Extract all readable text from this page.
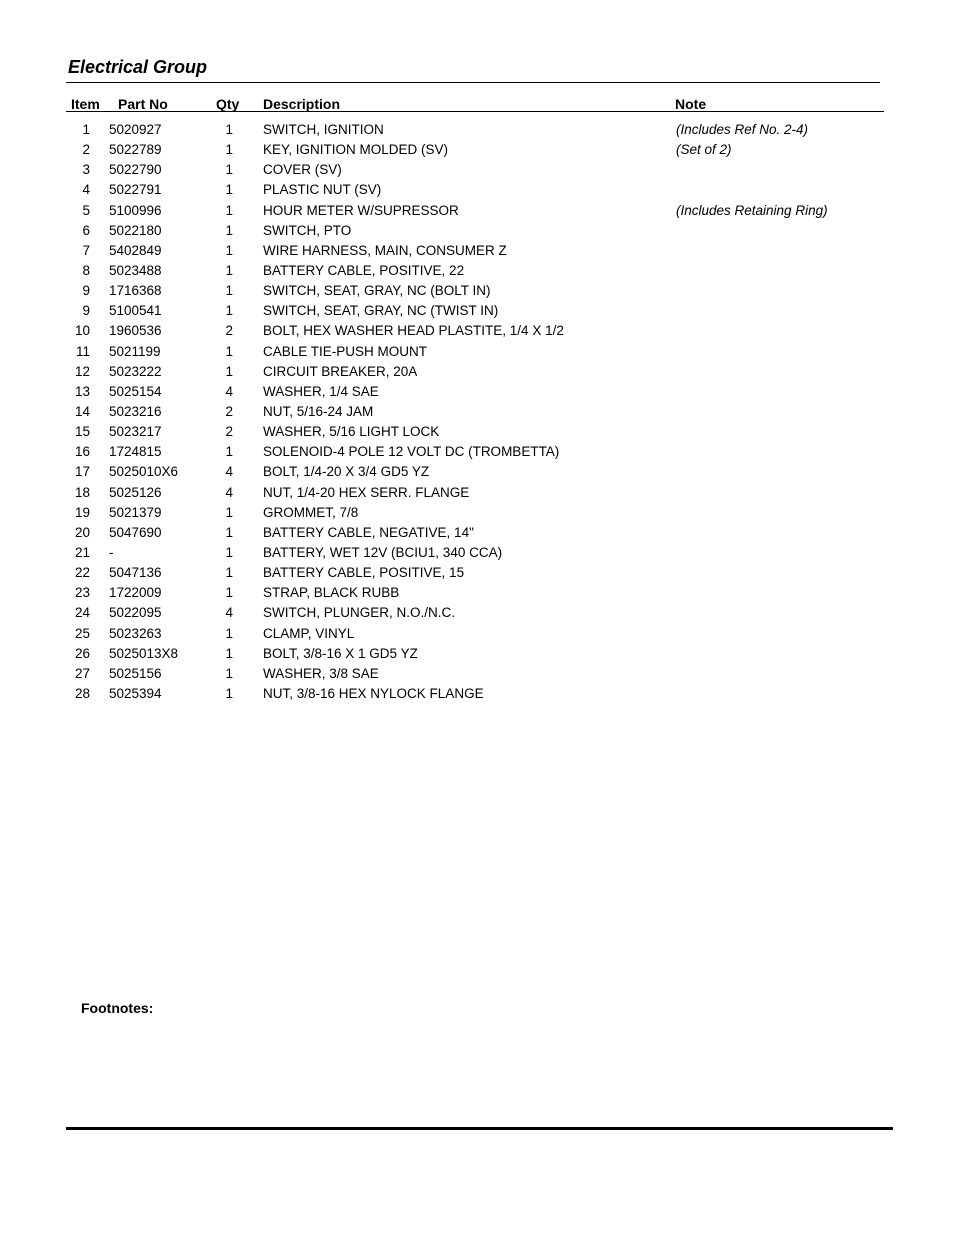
Electrical Group
Item Part No	Qty Description	Note
1 5020927	1 SWITCH, IGNITION	(Includes Ref No. 2-4)
2 5022789	1 KEY, IGNITION MOLDED (SV)	(Set of 2)
3 5022790	1 COVER (SV)
4 5022791	1 PLASTIC NUT (SV)
5 5100996	1 HOUR METER W/SUPRESSOR	(Includes Retaining Ring)
6 5022180	1 SWITCH, PTO
7 5402849	1 WIRE HARNESS, MAIN, CONSUMER Z
8 5023488	1 BATTERY CABLE, POSITIVE, 22
9 1716368	1 SWITCH, SEAT, GRAY, NC (BOLT IN)
9 5100541	1 SWITCH, SEAT, GRAY, NC (TWIST IN)
10 1960536	2 BOLT, HEX WASHER HEAD PLASTITE, 1/4 X 1/2
11 5021199	1 CABLE TIE-PUSH MOUNT
12 5023222	1 CIRCUIT BREAKER, 20A
13 5025154	4 WASHER, 1/4 SAE
14 5023216	2 NUT, 5/16-24 JAM
15 5023217	2 WASHER, 5/16 LIGHT LOCK
16 1724815	1 SOLENOID-4 POLE 12 VOLT DC (TROMBETTA)
17 5025010X6	4 BOLT, 1/4-20 X 3/4 GD5 YZ
18 5025126	4 NUT, 1/4-20 HEX SERR. FLANGE
19 5021379	1 GROMMET, 7/8
20 5047690	1 BATTERY CABLE, NEGATIVE, 14"
21 -	1 BATTERY, WET 12V (BCIU1, 340 CCA)
22 5047136	1 BATTERY CABLE, POSITIVE, 15
23 1722009	1 STRAP, BLACK RUBB
24 5022095	4 SWITCH, PLUNGER, N.O./N.C.
25 5023263	1 CLAMP, VINYL
26 5025013X8	1 BOLT, 3/8-16 X 1 GD5 YZ
27 5025156	1 WASHER, 3/8 SAE
28 5025394	1 NUT, 3/8-16 HEX NYLOCK FLANGE
Footnotes:
